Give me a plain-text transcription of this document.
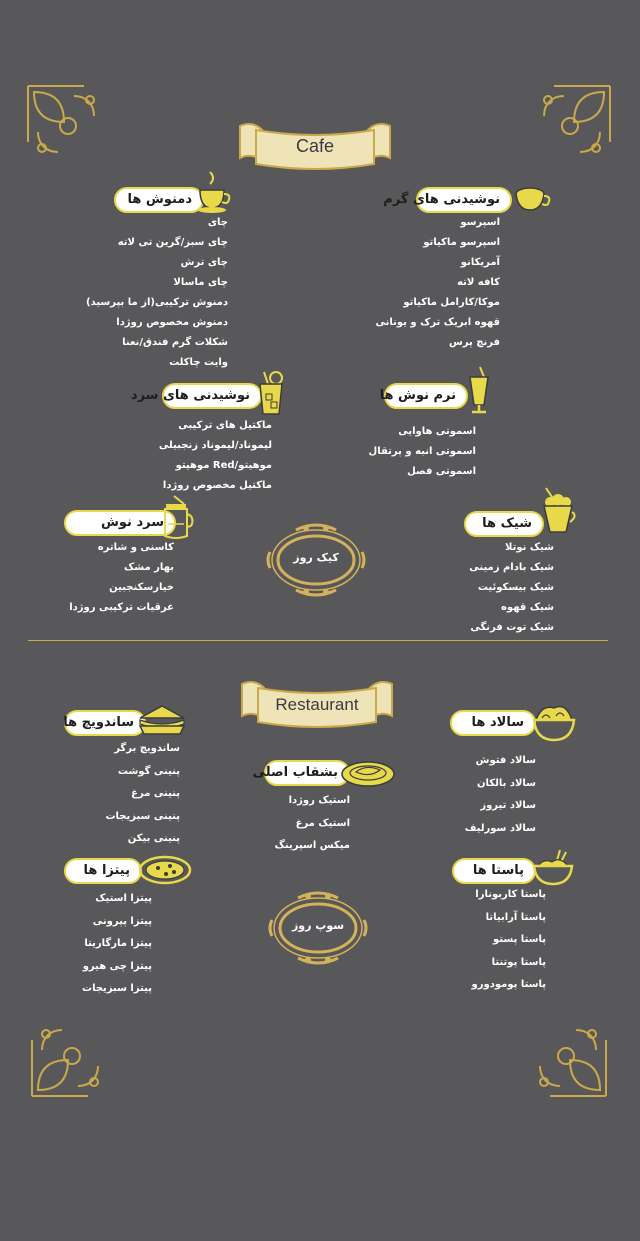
Cafe
نوشیدنی های گرم
اسپرسو
اسپرسو ماکیاتو
آمریکانو
کافه لاته
موکا/کارامل ماکیاتو
قهوه ابریک ترک و یونانی
فرنچ پرس
دمنوش ها
چای
چای سبز/گرین تی لاته
چای ترش
چای ماسالا
دمنوش ترکیبی(از ما بپرسید)
دمنوش مخصوص روژدا
شکلات گرم فندق/نعنا
وایت چاکلت
نرم نوش ها
اسموتی هاوایی
اسموتی انبه و پرتقال
اسموتی فصل
نوشیدنی های سرد
ماکتیل های ترکیبی
لیموناد/لیموناد زنجبیلی
موهیتو/Red موهیتو
ماکتیل مخصوص روژدا
شیک ها
شیک نوتلا
شیک بادام زمینی
شیک بیسکوئیت
شیک قهوه
شیک توت فرنگی
سرد نوش
کاسنی و شاتره
بهار مشک
خیارسکنجبین
عرقیات ترکیبی روژدا
کیک روز
Restaurant
سالاد ها
سالاد فتوش
سالاد بالکان
سالاد تیروز
سالاد سورلیف
ساندویچ ها
ساندویچ برگر
پنینی گوشت
پنینی مرغ
پنینی سبزیجات
پنینی بیکن
بشقاب اصلی
استیک روژدا
استیک مرغ
میکس اسپرینگ
پاستا ها
پاستا کاربونارا
پاستا آرابیاتا
پاستا پستو
پاستا پوتنتا
پاستا پومودورو
پیتزا ها
پیتزا استیک
پیتزا پپرونی
پیتزا مارگاریتا
پیتزا چی هیرو
پیتزا سبزیجات
سوپ روز
